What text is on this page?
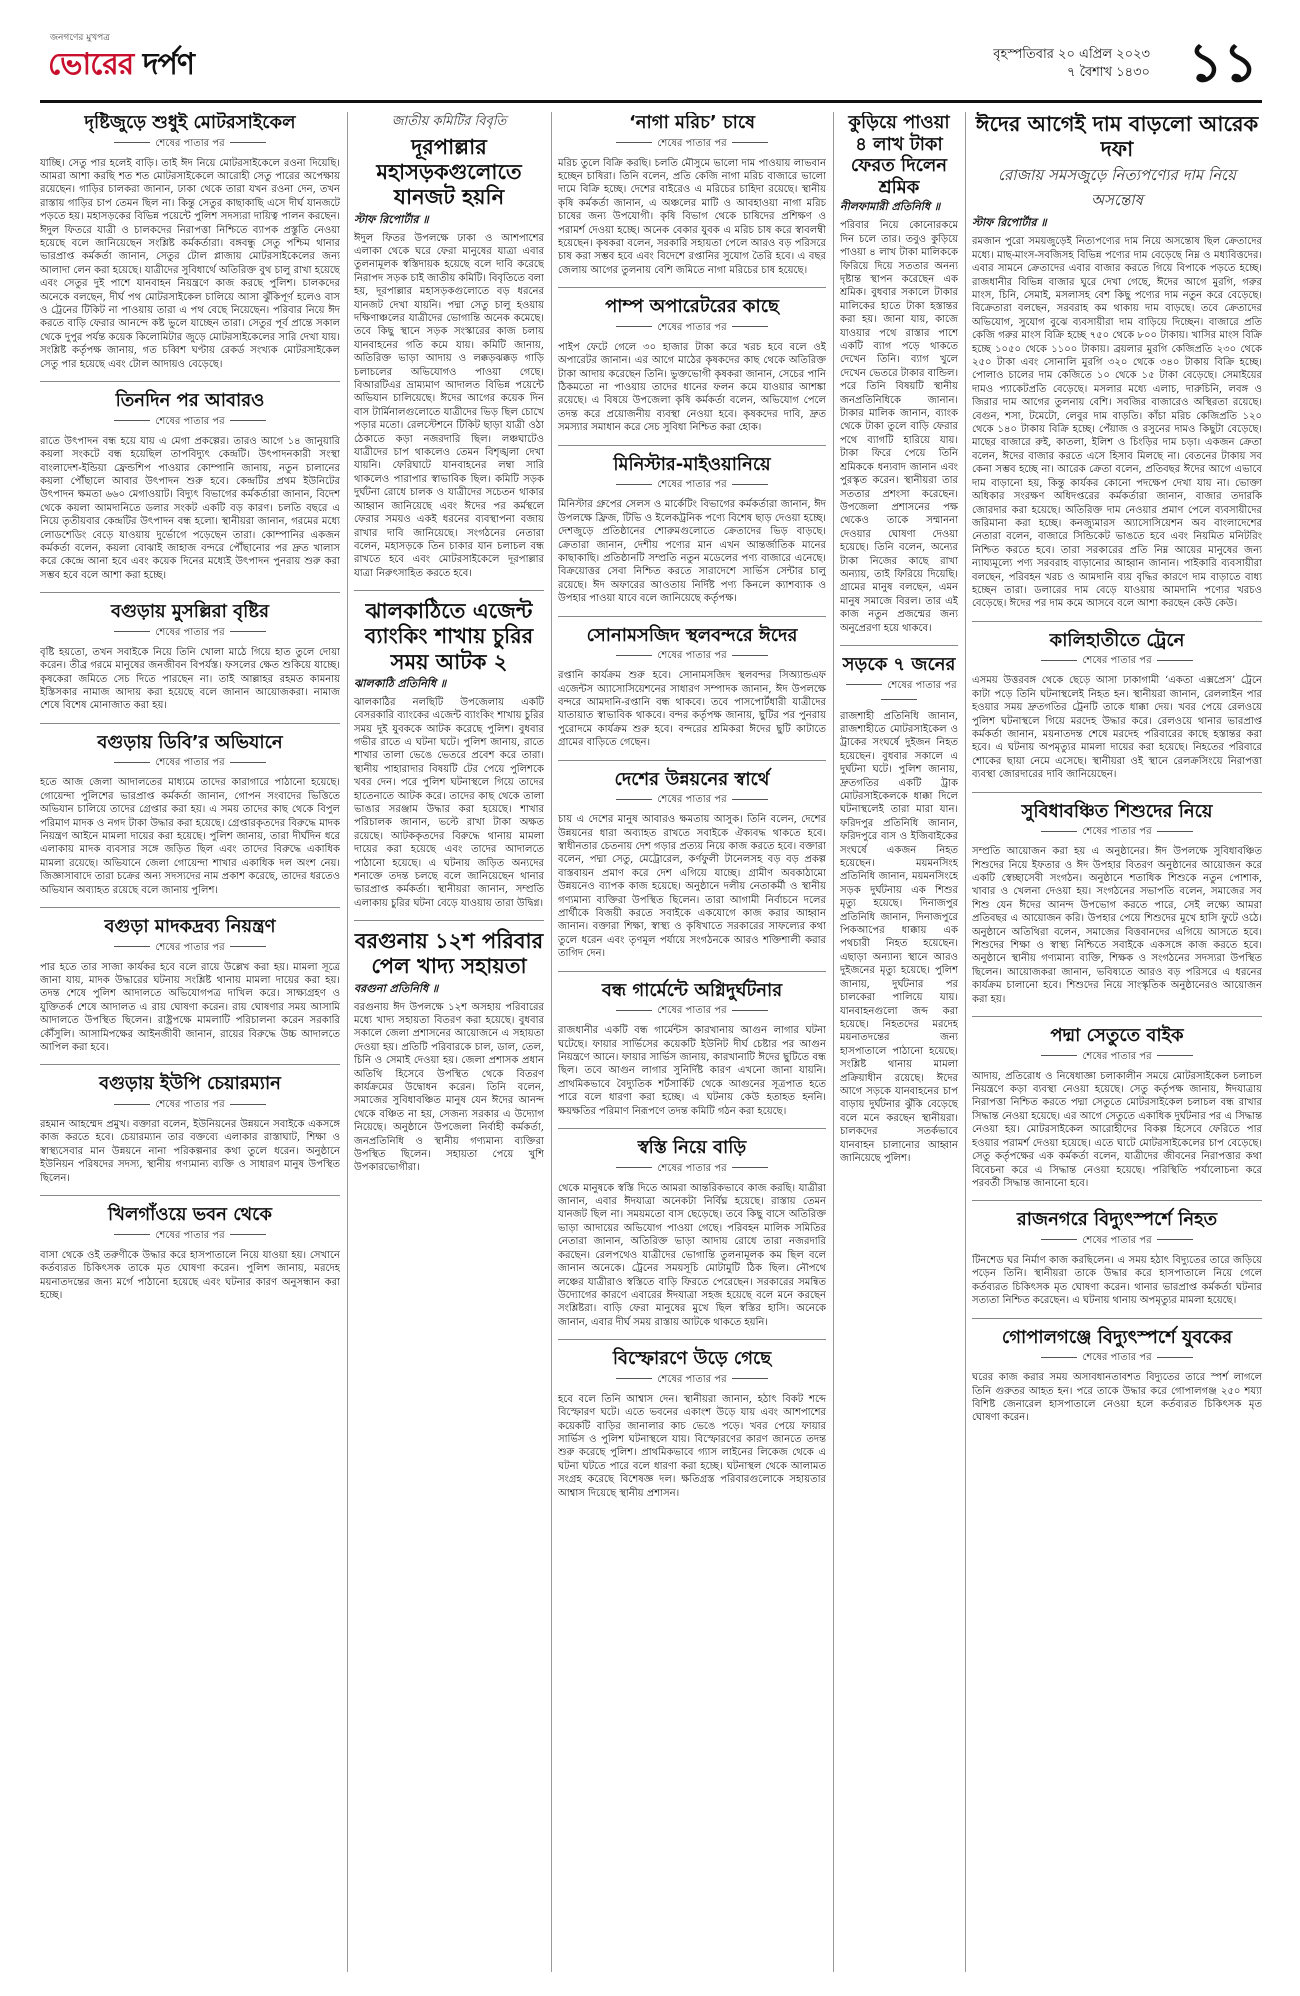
জনগণের মুখপত্র
ভোরের দর্পণ	বৃহস্পতিবার ২০ এপ্রিল ২০২৩
৭ বৈশাখ ১৪৩০ ১১
দৃষ্টিজুড়ে শুধুই মোটরসাইকেল
শেষের পাতার পর
যাচ্ছি। সেতু পার হলেই বাড়ি। তাই ঈদ নিয়ে মোটরসাইকেলে রওনা দিয়েছি। আমরা আশা করছি শত শত মোটরসাইকেলে আরোহী সেতু পারের অপেক্ষায় রয়েছেন। গাড়ির চালকরা জানান, ঢাকা থেকে তারা যখন রওনা দেন, তখন রাস্তায় গাড়ির চাপ তেমন ছিল না। কিন্তু সেতুর কাছাকাছি এসে দীর্ঘ যানজটে পড়তে হয়। মহাসড়কের বিভিন্ন পয়েন্টে পুলিশ সদস্যরা দায়িত্ব পালন করছেন। ঈদুল ফিতরে যাত্রী ও চালকদের নিরাপত্তা নিশ্চিতে ব্যাপক প্রস্তুতি নেওয়া হয়েছে বলে জানিয়েছেন সংশ্লিষ্ট কর্মকর্তারা। বঙ্গবন্ধু সেতু পশ্চিম থানার ভারপ্রাপ্ত কর্মকর্তা জানান, সেতুর টোল প্লাজায় মোটরসাইকেলের জন্য আলাদা লেন করা হয়েছে। যাত্রীদের সুবিধার্থে অতিরিক্ত বুথ চালু রাখা হয়েছে এবং সেতুর দুই পাশে যানবাহন নিয়ন্ত্রণে কাজ করছে পুলিশ। চালকদের অনেকে বলছেন, দীর্ঘ পথ মোটরসাইকেল চালিয়ে আসা ঝুঁকিপূর্ণ হলেও বাস ও ট্রেনের টিকিট না পাওয়ায় তারা এ পথ বেছে নিয়েছেন। পরিবার নিয়ে ঈদ করতে বাড়ি ফেরার আনন্দে কষ্ট ভুলে যাচ্ছেন তারা। সেতুর পূর্ব প্রান্তে সকাল থেকে দুপুর পর্যন্ত কয়েক কিলোমিটার জুড়ে মোটরসাইকেলের সারি দেখা যায়। সংশ্লিষ্ট কর্তৃপক্ষ জানায়, গত চব্বিশ ঘণ্টায় রেকর্ড সংখ্যক মোটরসাইকেল সেতু পার হয়েছে এবং টোল আদায়ও বেড়েছে।
তিনদিন পর আবারও
শেষের পাতার পর
রাতে উৎপাদন বন্ধ হয়ে যায় এ মেগা প্রকল্পের। তারও আগে ১৪ জানুয়ারি কয়লা সংকটে বন্ধ হয়েছিল তাপবিদ্যুৎ কেন্দ্রটি। উৎপাদনকারী সংস্থা বাংলাদেশ-ইন্ডিয়া ফ্রেন্ডশিপ পাওয়ার কোম্পানি জানায়, নতুন চালানের কয়লা পৌঁছালে আবার উৎপাদন শুরু হবে। কেন্দ্রটির প্রথম ইউনিটের উৎপাদন ক্ষমতা ৬৬০ মেগাওয়াট। বিদ্যুৎ বিভাগের কর্মকর্তারা জানান, বিদেশ থেকে কয়লা আমদানিতে ডলার সংকট একটি বড় কারণ। চলতি বছরে এ নিয়ে তৃতীয়বার কেন্দ্রটির উৎপাদন বন্ধ হলো। স্থানীয়রা জানান, গরমের মধ্যে লোডশেডিং বেড়ে যাওয়ায় দুর্ভোগে পড়েছেন তারা। কোম্পানির একজন কর্মকর্তা বলেন, কয়লা বোঝাই জাহাজ বন্দরে পৌঁছানোর পর দ্রুত খালাস করে কেন্দ্রে আনা হবে এবং কয়েক দিনের মধ্যেই উৎপাদন পুনরায় শুরু করা সম্ভব হবে বলে আশা করা হচ্ছে।
বগুড়ায় মুসল্লিরা বৃষ্টির
শেষের পাতার পর
বৃষ্টি হয়তো, তখন সবাইকে নিয়ে তিনি খোলা মাঠে গিয়ে হাত তুলে দোয়া করেন। তীব্র গরমে মানুষের জনজীবন বিপর্যস্ত। ফসলের ক্ষেত শুকিয়ে যাচ্ছে। কৃষকেরা জমিতে সেচ দিতে পারছেন না। তাই আল্লাহর রহমত কামনায় ইস্তিসকার নামাজ আদায় করা হয়েছে বলে জানান আয়োজকরা। নামাজ শেষে বিশেষ মোনাজাত করা হয়।
বগুড়ায় ডিবি’র অভিযানে
শেষের পাতার পর
হতে আজ জেলা আদালতের মাধ্যমে তাদের কারাগারে পাঠানো হয়েছে। গোয়েন্দা পুলিশের ভারপ্রাপ্ত কর্মকর্তা জানান, গোপন সংবাদের ভিত্তিতে অভিযান চালিয়ে তাদের গ্রেপ্তার করা হয়। এ সময় তাদের কাছ থেকে বিপুল পরিমাণ মাদক ও নগদ টাকা উদ্ধার করা হয়েছে। গ্রেপ্তারকৃতদের বিরুদ্ধে মাদক নিয়ন্ত্রণ আইনে মামলা দায়ের করা হয়েছে। পুলিশ জানায়, তারা দীর্ঘদিন ধরে এলাকায় মাদক ব্যবসার সঙ্গে জড়িত ছিল এবং তাদের বিরুদ্ধে একাধিক মামলা রয়েছে। অভিযানে জেলা গোয়েন্দা শাখার একাধিক দল অংশ নেয়। জিজ্ঞাসাবাদে তারা চক্রের অন্য সদস্যদের নাম প্রকাশ করেছে, তাদের ধরতেও অভিযান অব্যাহত রয়েছে বলে জানায় পুলিশ।
বগুড়া মাদকদ্রব্য নিয়ন্ত্রণ
শেষের পাতার পর
পার হতে তার সাজা কার্যকর হবে বলে রায়ে উল্লেখ করা হয়। মামলা সূত্রে জানা যায়, মাদক উদ্ধারের ঘটনায় সংশ্লিষ্ট থানায় মামলা দায়ের করা হয়। তদন্ত শেষে পুলিশ আদালতে অভিযোগপত্র দাখিল করে। সাক্ষ্যগ্রহণ ও যুক্তিতর্ক শেষে আদালত এ রায় ঘোষণা করেন। রায় ঘোষণার সময় আসামি আদালতে উপস্থিত ছিলেন। রাষ্ট্রপক্ষে মামলাটি পরিচালনা করেন সরকারি কৌঁসুলি। আসামিপক্ষের আইনজীবী জানান, রায়ের বিরুদ্ধে উচ্চ আদালতে আপিল করা হবে।
বগুড়ায় ইউপি চেয়ারম্যান
শেষের পাতার পর
রহমান আহম্মেদ প্রমুখ। বক্তারা বলেন, ইউনিয়নের উন্নয়নে সবাইকে একসঙ্গে কাজ করতে হবে। চেয়ারম্যান তার বক্তব্যে এলাকার রাস্তাঘাট, শিক্ষা ও স্বাস্থ্যসেবার মান উন্নয়নে নানা পরিকল্পনার কথা তুলে ধরেন। অনুষ্ঠানে ইউনিয়ন পরিষদের সদস্য, স্থানীয় গণ্যমান্য ব্যক্তি ও সাধারণ মানুষ উপস্থিত ছিলেন।
খিলগাঁওয়ে ভবন থেকে
শেষের পাতার পর
বাসা থেকে ওই তরুণীকে উদ্ধার করে হাসপাতালে নিয়ে যাওয়া হয়। সেখানে কর্তব্যরত চিকিৎসক তাকে মৃত ঘোষণা করেন। পুলিশ জানায়, মরদেহ ময়নাতদন্তের জন্য মর্গে পাঠানো হয়েছে এবং ঘটনার কারণ অনুসন্ধান করা হচ্ছে।
জাতীয় কমিটির বিবৃতি
দূরপাল্লার মহাসড়কগুলোতে যানজট হয়নি
স্টাফ রিপোর্টার ॥
ঈদুল ফিতর উপলক্ষে ঢাকা ও আশপাশের এলাকা থেকে ঘরে ফেরা মানুষের যাত্রা এবার তুলনামূলক স্বস্তিদায়ক হয়েছে বলে দাবি করেছে নিরাপদ সড়ক চাই জাতীয় কমিটি। বিবৃতিতে বলা হয়, দূরপাল্লার মহাসড়কগুলোতে বড় ধরনের যানজট দেখা যায়নি। পদ্মা সেতু চালু হওয়ায় দক্ষিণাঞ্চলের যাত্রীদের ভোগান্তি অনেক কমেছে। তবে কিছু স্থানে সড়ক সংস্কারের কাজ চলায় যানবাহনের গতি কমে যায়। কমিটি জানায়, অতিরিক্ত ভাড়া আদায় ও লক্কড়ঝক্কড় গাড়ি চলাচলের অভিযোগও পাওয়া গেছে। বিআরটিএর ভ্রাম্যমাণ আদালত বিভিন্ন পয়েন্টে অভিযান চালিয়েছে। ঈদের আগের কয়েক দিন বাস টার্মিনালগুলোতে যাত্রীদের ভিড় ছিল চোখে পড়ার মতো। রেলস্টেশনে টিকিট ছাড়া যাত্রী ওঠা ঠেকাতে কড়া নজরদারি ছিল। লঞ্চঘাটেও যাত্রীদের চাপ থাকলেও তেমন বিশৃঙ্খলা দেখা যায়নি। ফেরিঘাটে যানবাহনের লম্বা সারি থাকলেও পারাপার স্বাভাবিক ছিল। কমিটি সড়ক দুর্ঘটনা রোধে চালক ও যাত্রীদের সচেতন থাকার আহ্বান জানিয়েছে এবং ঈদের পর কর্মস্থলে ফেরার সময়ও একই ধরনের ব্যবস্থাপনা বজায় রাখার দাবি জানিয়েছে। সংগঠনের নেতারা বলেন, মহাসড়কে তিন চাকার যান চলাচল বন্ধ রাখতে হবে এবং মোটরসাইকেলে দূরপাল্লার যাত্রা নিরুৎসাহিত করতে হবে।
ঝালকাঠিতে এজেন্ট ব্যাংকিং শাখায় চুরির সময় আটক ২
ঝালকাঠি প্রতিনিধি ॥
ঝালকাঠির নলছিটি উপজেলায় একটি বেসরকারি ব্যাংকের এজেন্ট ব্যাংকিং শাখায় চুরির সময় দুই যুবককে আটক করেছে পুলিশ। বুধবার গভীর রাতে এ ঘটনা ঘটে। পুলিশ জানায়, রাতে শাখার তালা ভেঙে ভেতরে প্রবেশ করে তারা। স্থানীয় পাহারাদার বিষয়টি টের পেয়ে পুলিশকে খবর দেন। পরে পুলিশ ঘটনাস্থলে গিয়ে তাদের হাতেনাতে আটক করে। তাদের কাছ থেকে তালা ভাঙার সরঞ্জাম উদ্ধার করা হয়েছে। শাখার পরিচালক জানান, ভল্টে রাখা টাকা অক্ষত রয়েছে। আটককৃতদের বিরুদ্ধে থানায় মামলা দায়ের করা হয়েছে এবং তাদের আদালতে পাঠানো হয়েছে। এ ঘটনায় জড়িত অন্যদের শনাক্তে তদন্ত চলছে বলে জানিয়েছেন থানার ভারপ্রাপ্ত কর্মকর্তা। স্থানীয়রা জানান, সম্প্রতি এলাকায় চুরির ঘটনা বেড়ে যাওয়ায় তারা উদ্বিগ্ন।
বরগুনায় ১২শ পরিবার পেল খাদ্য সহায়তা
বরগুনা প্রতিনিধি ॥
বরগুনায় ঈদ উপলক্ষে ১২শ অসহায় পরিবারের মধ্যে খাদ্য সহায়তা বিতরণ করা হয়েছে। বুধবার সকালে জেলা প্রশাসনের আয়োজনে এ সহায়তা দেওয়া হয়। প্রতিটি পরিবারকে চাল, ডাল, তেল, চিনি ও সেমাই দেওয়া হয়। জেলা প্রশাসক প্রধান অতিথি হিসেবে উপস্থিত থেকে বিতরণ কার্যক্রমের উদ্বোধন করেন। তিনি বলেন, সমাজের সুবিধাবঞ্চিত মানুষ যেন ঈদের আনন্দ থেকে বঞ্চিত না হয়, সেজন্য সরকার এ উদ্যোগ নিয়েছে। অনুষ্ঠানে উপজেলা নির্বাহী কর্মকর্তা, জনপ্রতিনিধি ও স্থানীয় গণ্যমান্য ব্যক্তিরা উপস্থিত ছিলেন। সহায়তা পেয়ে খুশি উপকারভোগীরা।
‘নাগা মরিচ’ চাষে
শেষের পাতার পর
মরিচ তুলে বিক্রি করছি। চলতি মৌসুমে ভালো দাম পাওয়ায় লাভবান হচ্ছেন চাষিরা। তিনি বলেন, প্রতি কেজি নাগা মরিচ বাজারে ভালো দামে বিক্রি হচ্ছে। দেশের বাইরেও এ মরিচের চাহিদা রয়েছে। স্থানীয় কৃষি কর্মকর্তা জানান, এ অঞ্চলের মাটি ও আবহাওয়া নাগা মরিচ চাষের জন্য উপযোগী। কৃষি বিভাগ থেকে চাষিদের প্রশিক্ষণ ও পরামর্শ দেওয়া হচ্ছে। অনেক বেকার যুবক এ মরিচ চাষ করে স্বাবলম্বী হয়েছেন। কৃষকরা বলেন, সরকারি সহায়তা পেলে আরও বড় পরিসরে চাষ করা সম্ভব হবে এবং বিদেশে রপ্তানির সুযোগ তৈরি হবে। এ বছর জেলায় আগের তুলনায় বেশি জমিতে নাগা মরিচের চাষ হয়েছে।
পাম্প অপারেটরের কাছে
শেষের পাতার পর
পাইপ ফেটে গেলে ৩০ হাজার টাকা করে খরচ হবে বলে ওই অপারেটর জানান। এর আগে মাঠের কৃষকদের কাছ থেকে অতিরিক্ত টাকা আদায় করেছেন তিনি। ভুক্তভোগী কৃষকরা জানান, সেচের পানি ঠিকমতো না পাওয়ায় তাদের ধানের ফলন কমে যাওয়ার আশঙ্কা রয়েছে। এ বিষয়ে উপজেলা কৃষি কর্মকর্তা বলেন, অভিযোগ পেলে তদন্ত করে প্রয়োজনীয় ব্যবস্থা নেওয়া হবে। কৃষকদের দাবি, দ্রুত সমস্যার সমাধান করে সেচ সুবিধা নিশ্চিত করা হোক।
মিনিস্টার-মাইওয়ানিয়ে
শেষের পাতার পর
মিনিস্টার গ্রুপের সেলস ও মার্কেটিং বিভাগের কর্মকর্তারা জানান, ঈদ উপলক্ষে ফ্রিজ, টিভি ও ইলেকট্রনিক পণ্যে বিশেষ ছাড় দেওয়া হচ্ছে। দেশজুড়ে প্রতিষ্ঠানের শোরুমগুলোতে ক্রেতাদের ভিড় বাড়ছে। ক্রেতারা জানান, দেশীয় পণ্যের মান এখন আন্তর্জাতিক মানের কাছাকাছি। প্রতিষ্ঠানটি সম্প্রতি নতুন মডেলের পণ্য বাজারে এনেছে। বিক্রয়োত্তর সেবা নিশ্চিত করতে সারাদেশে সার্ভিস সেন্টার চালু রয়েছে। ঈদ অফারের আওতায় নির্দিষ্ট পণ্য কিনলে ক্যাশব্যাক ও উপহার পাওয়া যাবে বলে জানিয়েছে কর্তৃপক্ষ।
সোনামসজিদ স্থলবন্দরে ঈদের
শেষের পাতার পর
রপ্তানি কার্যক্রম শুরু হবে। সোনামসজিদ স্থলবন্দর সিঅ্যান্ডএফ এজেন্টস অ্যাসোসিয়েশনের সাধারণ সম্পাদক জানান, ঈদ উপলক্ষে বন্দরে আমদানি-রপ্তানি বন্ধ থাকবে। তবে পাসপোর্টধারী যাত্রীদের যাতায়াত স্বাভাবিক থাকবে। বন্দর কর্তৃপক্ষ জানায়, ছুটির পর পুনরায় পুরোদমে কার্যক্রম শুরু হবে। বন্দরের শ্রমিকরা ঈদের ছুটি কাটাতে গ্রামের বাড়িতে গেছেন।
দেশের উন্নয়নের স্বার্থে
শেষের পাতার পর
চায় এ দেশের মানুষ আবারও ক্ষমতায় আসুক। তিনি বলেন, দেশের উন্নয়নের ধারা অব্যাহত রাখতে সবাইকে ঐক্যবদ্ধ থাকতে হবে। স্বাধীনতার চেতনায় দেশ গড়ার প্রত্যয় নিয়ে কাজ করতে হবে। বক্তারা বলেন, পদ্মা সেতু, মেট্রোরেল, কর্ণফুলী টানেলসহ বড় বড় প্রকল্প বাস্তবায়ন প্রমাণ করে দেশ এগিয়ে যাচ্ছে। গ্রামীণ অবকাঠামো উন্নয়নেও ব্যাপক কাজ হয়েছে। অনুষ্ঠানে দলীয় নেতাকর্মী ও স্থানীয় গণ্যমান্য ব্যক্তিরা উপস্থিত ছিলেন। তারা আগামী নির্বাচনে দলের প্রার্থীকে বিজয়ী করতে সবাইকে একযোগে কাজ করার আহ্বান জানান। বক্তারা শিক্ষা, স্বাস্থ্য ও কৃষিখাতে সরকারের সাফল্যের কথা তুলে ধরেন এবং তৃণমূল পর্যায়ে সংগঠনকে আরও শক্তিশালী করার তাগিদ দেন।
বন্ধ গার্মেন্টে অগ্নিদুর্ঘটনার
শেষের পাতার পর
রাজধানীর একটি বন্ধ গার্মেন্টস কারখানায় আগুন লাগার ঘটনা ঘটেছে। ফায়ার সার্ভিসের কয়েকটি ইউনিট দীর্ঘ চেষ্টার পর আগুন নিয়ন্ত্রণে আনে। ফায়ার সার্ভিস জানায়, কারখানাটি ঈদের ছুটিতে বন্ধ ছিল। তবে আগুন লাগার সুনির্দিষ্ট কারণ এখনো জানা যায়নি। প্রাথমিকভাবে বৈদ্যুতিক শর্টসার্কিট থেকে আগুনের সূত্রপাত হতে পারে বলে ধারণা করা হচ্ছে। এ ঘটনায় কেউ হতাহত হননি। ক্ষয়ক্ষতির পরিমাণ নিরূপণে তদন্ত কমিটি গঠন করা হয়েছে।
স্বস্তি নিয়ে বাড়ি
শেষের পাতার পর
থেকে মানুষকে স্বস্তি দিতে আমরা আন্তরিকভাবে কাজ করছি। যাত্রীরা জানান, এবার ঈদযাত্রা অনেকটা নির্বিঘ্ন হয়েছে। রাস্তায় তেমন যানজট ছিল না। সময়মতো বাস ছেড়েছে। তবে কিছু বাসে অতিরিক্ত ভাড়া আদায়ের অভিযোগ পাওয়া গেছে। পরিবহন মালিক সমিতির নেতারা জানান, অতিরিক্ত ভাড়া আদায় রোধে তারা নজরদারি করছেন। রেলপথেও যাত্রীদের ভোগান্তি তুলনামূলক কম ছিল বলে জানান অনেকে। ট্রেনের সময়সূচি মোটামুটি ঠিক ছিল। নৌপথে লঞ্চের যাত্রীরাও স্বস্তিতে বাড়ি ফিরতে পেরেছেন। সরকারের সমন্বিত উদ্যোগের কারণে এবারের ঈদযাত্রা সহজ হয়েছে বলে মনে করছেন সংশ্লিষ্টরা। বাড়ি ফেরা মানুষের মুখে ছিল স্বস্তির হাসি। অনেকে জানান, এবার দীর্ঘ সময় রাস্তায় আটকে থাকতে হয়নি।
বিস্ফোরণে উড়ে গেছে
শেষের পাতার পর
হবে বলে তিনি আশ্বাস দেন। স্থানীয়রা জানান, হঠাৎ বিকট শব্দে বিস্ফোরণ ঘটে। এতে ভবনের একাংশ উড়ে যায় এবং আশপাশের কয়েকটি বাড়ির জানালার কাচ ভেঙে পড়ে। খবর পেয়ে ফায়ার সার্ভিস ও পুলিশ ঘটনাস্থলে যায়। বিস্ফোরণের কারণ জানতে তদন্ত শুরু করেছে পুলিশ। প্রাথমিকভাবে গ্যাস লাইনের লিকেজ থেকে এ ঘটনা ঘটতে পারে বলে ধারণা করা হচ্ছে। ঘটনাস্থল থেকে আলামত সংগ্রহ করেছে বিশেষজ্ঞ দল। ক্ষতিগ্রস্ত পরিবারগুলোকে সহায়তার আশ্বাস দিয়েছে স্থানীয় প্রশাসন।
কুড়িয়ে পাওয়া ৪ লাখ টাকা ফেরত দিলেন শ্রমিক
নীলফামারী প্রতিনিধি ॥
পরিবার নিয়ে কোনোরকমে দিন চলে তার। তবুও কুড়িয়ে পাওয়া ৪ লাখ টাকা মালিককে ফিরিয়ে দিয়ে সততার অনন্য দৃষ্টান্ত স্থাপন করেছেন এক শ্রমিক। বুধবার সকালে টাকার মালিকের হাতে টাকা হস্তান্তর করা হয়। জানা যায়, কাজে যাওয়ার পথে রাস্তার পাশে একটি ব্যাগ পড়ে থাকতে দেখেন তিনি। ব্যাগ খুলে দেখেন ভেতরে টাকার বান্ডিল। পরে তিনি বিষয়টি স্থানীয় জনপ্রতিনিধিকে জানান। টাকার মালিক জানান, ব্যাংক থেকে টাকা তুলে বাড়ি ফেরার পথে ব্যাগটি হারিয়ে যায়। টাকা ফিরে পেয়ে তিনি শ্রমিককে ধন্যবাদ জানান এবং পুরস্কৃত করেন। স্থানীয়রা তার সততার প্রশংসা করেছেন। উপজেলা প্রশাসনের পক্ষ থেকেও তাকে সম্মাননা দেওয়ার ঘোষণা দেওয়া হয়েছে। তিনি বলেন, অন্যের টাকা নিজের কাছে রাখা অন্যায়, তাই ফিরিয়ে দিয়েছি। গ্রামের মানুষ বলছেন, এমন মানুষ সমাজে বিরল। তার এই কাজ নতুন প্রজন্মের জন্য অনুপ্রেরণা হয়ে থাকবে।
সড়কে ৭ জনের
শেষের পাতার পর
রাজশাহী প্রতিনিধি জানান, রাজশাহীতে মোটরসাইকেল ও ট্রাকের সংঘর্ষে দুইজন নিহত হয়েছেন। বুধবার সকালে এ দুর্ঘটনা ঘটে। পুলিশ জানায়, দ্রুতগতির একটি ট্রাক মোটরসাইকেলকে ধাক্কা দিলে ঘটনাস্থলেই তারা মারা যান। ফরিদপুর প্রতিনিধি জানান, ফরিদপুরে বাস ও ইজিবাইকের সংঘর্ষে একজন নিহত হয়েছেন। ময়মনসিংহ প্রতিনিধি জানান, ময়মনসিংহে সড়ক দুর্ঘটনায় এক শিশুর মৃত্যু হয়েছে। দিনাজপুর প্রতিনিধি জানান, দিনাজপুরে পিকআপের ধাক্কায় এক পথচারী নিহত হয়েছেন। এছাড়া অন্যান্য স্থানে আরও দুইজনের মৃত্যু হয়েছে। পুলিশ জানায়, দুর্ঘটনার পর চালকেরা পালিয়ে যায়। যানবাহনগুলো জব্দ করা হয়েছে। নিহতদের মরদেহ ময়নাতদন্তের জন্য হাসপাতালে পাঠানো হয়েছে। সংশ্লিষ্ট থানায় মামলা প্রক্রিয়াধীন রয়েছে। ঈদের আগে সড়কে যানবাহনের চাপ বাড়ায় দুর্ঘটনার ঝুঁকি বেড়েছে বলে মনে করছেন স্থানীয়রা। চালকদের সতর্কভাবে যানবাহন চালানোর আহ্বান জানিয়েছে পুলিশ।
ঈদের আগেই দাম বাড়লো আরেক দফা
রোজায় সমসজুড়ে নিত্যপণ্যের দাম নিয়ে অসন্তোষ
স্টাফ রিপোর্টার ॥
রমজান পুরো সময়জুড়েই নিত্যপণ্যের দাম নিয়ে অসন্তোষ ছিল ক্রেতাদের মধ্যে। মাছ-মাংস-সবজিসহ বিভিন্ন পণ্যের দাম বেড়েছে নিম্ন ও মধ্যবিত্তদের। এবার সামনে ক্রেতাদের এবার বাজার করতে গিয়ে বিপাকে পড়তে হচ্ছে। রাজধানীর বিভিন্ন বাজার ঘুরে দেখা গেছে, ঈদের আগে মুরগি, গরুর মাংস, চিনি, সেমাই, মসলাসহ বেশ কিছু পণ্যের দাম নতুন করে বেড়েছে। বিক্রেতারা বলছেন, সরবরাহ কম থাকায় দাম বাড়ছে। তবে ক্রেতাদের অভিযোগ, সুযোগ বুঝে ব্যবসায়ীরা দাম বাড়িয়ে দিচ্ছেন। বাজারে প্রতি কেজি গরুর মাংস বিক্রি হচ্ছে ৭৫০ থেকে ৮০০ টাকায়। খাসির মাংস বিক্রি হচ্ছে ১০৫০ থেকে ১১০০ টাকায়। ব্রয়লার মুরগি কেজিপ্রতি ২৩০ থেকে ২৫০ টাকা এবং সোনালি মুরগি ৩২০ থেকে ৩৪০ টাকায় বিক্রি হচ্ছে। পোলাও চালের দাম কেজিতে ১০ থেকে ১৫ টাকা বেড়েছে। সেমাইয়ের দামও প্যাকেটপ্রতি বেড়েছে। মসলার মধ্যে এলাচ, দারুচিনি, লবঙ্গ ও জিরার দাম আগের তুলনায় বেশি। সবজির বাজারেও অস্থিরতা রয়েছে। বেগুন, শসা, টমেটো, লেবুর দাম বাড়তি। কাঁচা মরিচ কেজিপ্রতি ১২০ থেকে ১৪০ টাকায় বিক্রি হচ্ছে। পেঁয়াজ ও রসুনের দামও কিছুটা বেড়েছে। মাছের বাজারে রুই, কাতলা, ইলিশ ও চিংড়ির দাম চড়া। একজন ক্রেতা বলেন, ঈদের বাজার করতে এসে হিসাব মিলছে না। বেতনের টাকায় সব কেনা সম্ভব হচ্ছে না। আরেক ক্রেতা বলেন, প্রতিবছর ঈদের আগে এভাবে দাম বাড়ানো হয়, কিন্তু কার্যকর কোনো পদক্ষেপ দেখা যায় না। ভোক্তা অধিকার সংরক্ষণ অধিদপ্তরের কর্মকর্তারা জানান, বাজার তদারকি জোরদার করা হয়েছে। অতিরিক্ত দাম নেওয়ার প্রমাণ পেলে ব্যবসায়ীদের জরিমানা করা হচ্ছে। কনজ্যুমারস অ্যাসোসিয়েশন অব বাংলাদেশের নেতারা বলেন, বাজারে সিন্ডিকেট ভাঙতে হবে এবং নিয়মিত মনিটরিং নিশ্চিত করতে হবে। তারা সরকারের প্রতি নিম্ন আয়ের মানুষের জন্য ন্যায্যমূল্যে পণ্য সরবরাহ বাড়ানোর আহ্বান জানান। পাইকারি ব্যবসায়ীরা বলছেন, পরিবহন খরচ ও আমদানি ব্যয় বৃদ্ধির কারণে দাম বাড়াতে বাধ্য হচ্ছেন তারা। ডলারের দাম বেড়ে যাওয়ায় আমদানি পণ্যের খরচও বেড়েছে। ঈদের পর দাম কমে আসবে বলে আশা করছেন কেউ কেউ।
কালিহাতীতে ট্রেনে
শেষের পাতার পর
এসময় উত্তরবঙ্গ থেকে ছেড়ে আসা ঢাকাগামী ‘একতা এক্সপ্রেস’ ট্রেনে কাটা পড়ে তিনি ঘটনাস্থলেই নিহত হন। স্থানীয়রা জানান, রেললাইন পার হওয়ার সময় দ্রুতগতির ট্রেনটি তাকে ধাক্কা দেয়। খবর পেয়ে রেলওয়ে পুলিশ ঘটনাস্থলে গিয়ে মরদেহ উদ্ধার করে। রেলওয়ে থানার ভারপ্রাপ্ত কর্মকর্তা জানান, ময়নাতদন্ত শেষে মরদেহ পরিবারের কাছে হস্তান্তর করা হবে। এ ঘটনায় অপমৃত্যুর মামলা দায়ের করা হয়েছে। নিহতের পরিবারে শোকের ছায়া নেমে এসেছে। স্থানীয়রা ওই স্থানে রেলক্রসিংয়ে নিরাপত্তা ব্যবস্থা জোরদারের দাবি জানিয়েছেন।
সুবিধাবঞ্চিত শিশুদের নিয়ে
শেষের পাতার পর
সম্প্রতি আয়োজন করা হয় এ অনুষ্ঠানের। ঈদ উপলক্ষে সুবিধাবঞ্চিত শিশুদের নিয়ে ইফতার ও ঈদ উপহার বিতরণ অনুষ্ঠানের আয়োজন করে একটি স্বেচ্ছাসেবী সংগঠন। অনুষ্ঠানে শতাধিক শিশুকে নতুন পোশাক, খাবার ও খেলনা দেওয়া হয়। সংগঠনের সভাপতি বলেন, সমাজের সব শিশু যেন ঈদের আনন্দ উপভোগ করতে পারে, সেই লক্ষ্যে আমরা প্রতিবছর এ আয়োজন করি। উপহার পেয়ে শিশুদের মুখে হাসি ফুটে ওঠে। অনুষ্ঠানে অতিথিরা বলেন, সমাজের বিত্তবানদের এগিয়ে আসতে হবে। শিশুদের শিক্ষা ও স্বাস্থ্য নিশ্চিতে সবাইকে একসঙ্গে কাজ করতে হবে। অনুষ্ঠানে স্থানীয় গণ্যমান্য ব্যক্তি, শিক্ষক ও সংগঠনের সদস্যরা উপস্থিত ছিলেন। আয়োজকরা জানান, ভবিষ্যতে আরও বড় পরিসরে এ ধরনের কার্যক্রম চালানো হবে। শিশুদের নিয়ে সাংস্কৃতিক অনুষ্ঠানেরও আয়োজন করা হয়।
পদ্মা সেতুতে বাইক
শেষের পাতার পর
আদায়, প্রতিরোধ ও নিষেধাজ্ঞা চলাকালীন সময়ে মোটরসাইকেল চলাচল নিয়ন্ত্রণে কড়া ব্যবস্থা নেওয়া হয়েছে। সেতু কর্তৃপক্ষ জানায়, ঈদযাত্রায় নিরাপত্তা নিশ্চিত করতে পদ্মা সেতুতে মোটরসাইকেল চলাচল বন্ধ রাখার সিদ্ধান্ত নেওয়া হয়েছে। এর আগে সেতুতে একাধিক দুর্ঘটনার পর এ সিদ্ধান্ত নেওয়া হয়। মোটরসাইকেল আরোহীদের বিকল্প হিসেবে ফেরিতে পার হওয়ার পরামর্শ দেওয়া হয়েছে। এতে ঘাটে মোটরসাইকেলের চাপ বেড়েছে। সেতু কর্তৃপক্ষের এক কর্মকর্তা বলেন, যাত্রীদের জীবনের নিরাপত্তার কথা বিবেচনা করে এ সিদ্ধান্ত নেওয়া হয়েছে। পরিস্থিতি পর্যালোচনা করে পরবর্তী সিদ্ধান্ত জানানো হবে।
রাজনগরে বিদ্যুৎস্পর্শে নিহত
শেষের পাতার পর
টিনশেড ঘর নির্মাণ কাজ করছিলেন। এ সময় হঠাৎ বিদ্যুতের তারে জড়িয়ে পড়েন তিনি। স্থানীয়রা তাকে উদ্ধার করে হাসপাতালে নিয়ে গেলে কর্তব্যরত চিকিৎসক মৃত ঘোষণা করেন। থানার ভারপ্রাপ্ত কর্মকর্তা ঘটনার সত্যতা নিশ্চিত করেছেন। এ ঘটনায় থানায় অপমৃত্যুর মামলা হয়েছে।
গোপালগঞ্জে বিদ্যুৎস্পর্শে যুবকের
শেষের পাতার পর
ঘরের কাজ করার সময় অসাবধানতাবশত বিদ্যুতের তারে স্পর্শ লাগলে তিনি গুরুতর আহত হন। পরে তাকে উদ্ধার করে গোপালগঞ্জ ২৫০ শয্যা বিশিষ্ট জেনারেল হাসপাতালে নেওয়া হলে কর্তব্যরত চিকিৎসক মৃত ঘোষণা করেন।
